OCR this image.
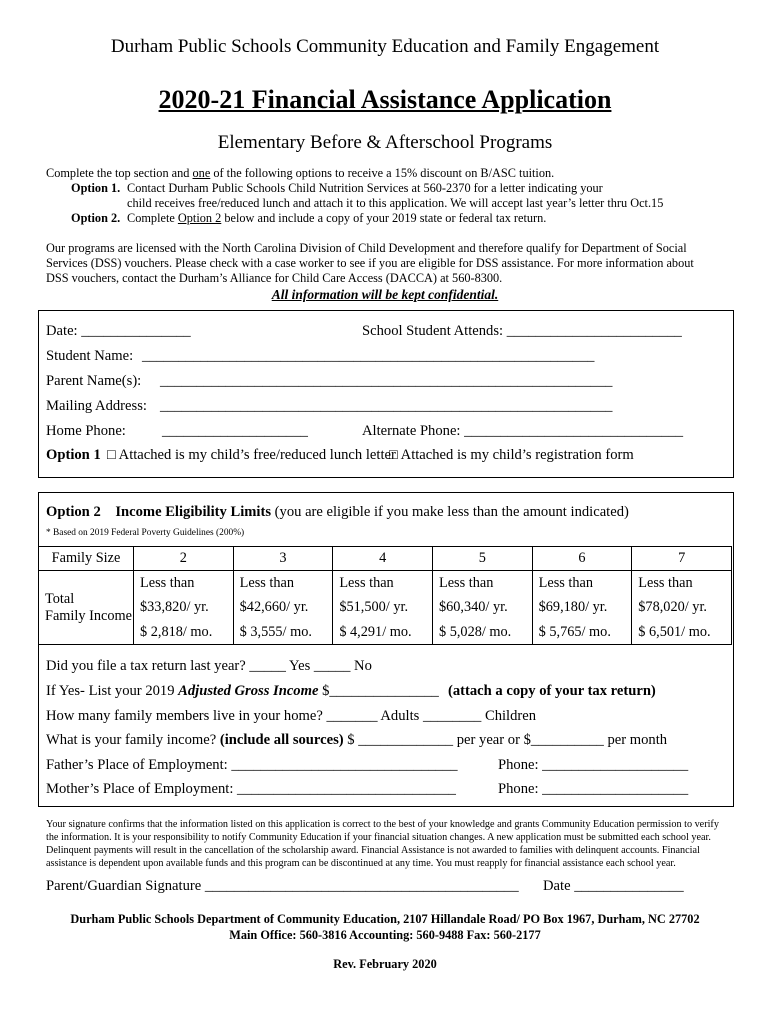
Durham Public Schools Community Education and Family Engagement
2020-21 Financial Assistance Application
Elementary Before & Afterschool Programs
Complete the top section and one of the following options to receive a 15% discount on B/ASC tuition.
Option 1. Contact Durham Public Schools Child Nutrition Services at 560-2370 for a letter indicating your
child receives free/reduced lunch and attach it to this application. We will accept last year’s letter thru Oct.15
Option 2. Complete Option 2 below and include a copy of your 2019 state or federal tax return.
Our programs are licensed with the North Carolina Division of Child Development and therefore qualify for Department of Social
Services (DSS) vouchers. Please check with a case worker to see if you are eligible for DSS assistance. For more information about
DSS vouchers, contact the Durham’s Alliance for Child Care Access (DACCA) at 560-8300.
All information will be kept confidential.
Date: _______________	School Student Attends: ________________________
Student Name: ______________________________________________________________
Parent Name(s): ______________________________________________________________
Mailing Address: ______________________________________________________________
Home Phone: ____________________	Alternate Phone: ______________________________
Option 1 □ Attached is my child’s free/reduced lunch letter
□ Attached is my child’s registration form
Option 2 Income Eligibility Limits (you are eligible if you make less than the amount indicated)
* Based on 2019 Federal Poverty Guidelines (200%)
Family Size	2	3	4	5	6	7
Total
Family Income	Less than	Less than	Less than	Less than	Less than	Less than
	$33,820/ yr.	$42,660/ yr.	$51,500/ yr.	$60,340/ yr.	$69,180/ yr.	$78,020/ yr.
	$ 2,818/ mo.	$ 3,555/ mo.	$ 4,291/ mo.	$ 5,028/ mo.	$ 5,765/ mo.	$ 6,501/ mo.
Did you file a tax return last year? _____ Yes _____ No
If Yes- List your 2019 Adjusted Gross Income $_______________ (attach a copy of your tax return)
How many family members live in your home? _______ Adults ________ Children
What is your family income? (include all sources) $ _____________ per year or $__________ per month
Father’s Place of Employment: _______________________________	Phone: ____________________
Mother’s Place of Employment: ______________________________	Phone: ____________________
Your signature confirms that the information listed on this application is correct to the best of your knowledge and grants Community Education permission to verify
the information. It is your responsibility to notify Community Education if your financial situation changes. A new application must be submitted each school year.
Delinquent payments will result in the cancellation of the scholarship award. Financial Assistance is not awarded to families with delinquent accounts. Financial
assistance is dependent upon available funds and this program can be discontinued at any time. You must reapply for financial assistance each school year.
Parent/Guardian Signature ___________________________________________ Date _______________
Durham Public Schools Department of Community Education, 2107 Hillandale Road/ PO Box 1967, Durham, NC 27702
Main Office: 560-3816 Accounting: 560-9488 Fax: 560-2177
Rev. February 2020
